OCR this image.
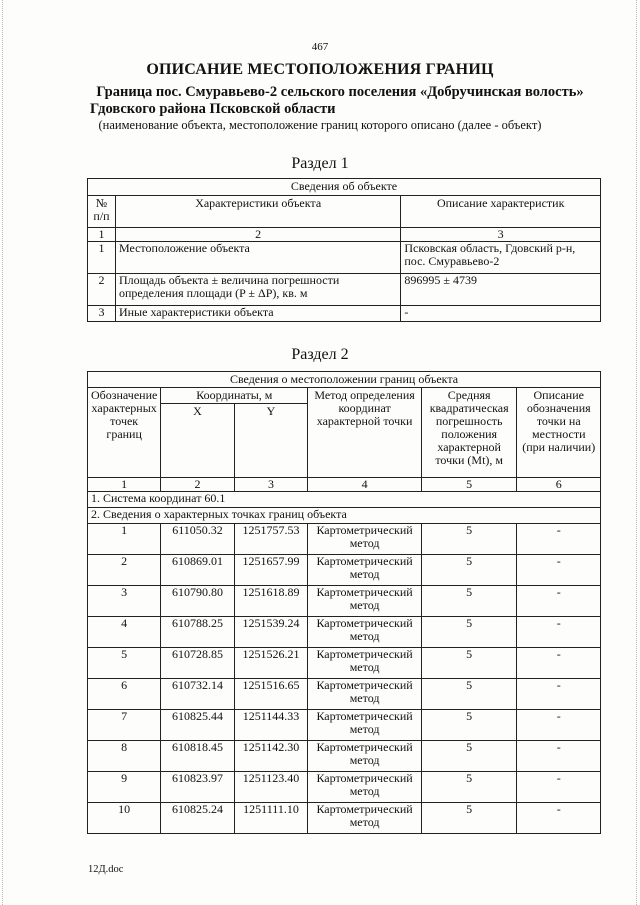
467
ОПИСАНИЕ МЕСТОПОЛОЖЕНИЯ ГРАНИЦ
Граница пос. Смуравьево-2 сельского поселения «Добручинская волость»
Гдовского района Псковской области
(наименование объекта, местоположение границ которого описано (далее - объект)
Раздел 1
Сведения об объекте		
№ п/п	Характеристики объекта	Описание характеристик
1	2	3
1	Местоположение объекта	Псковская область, Гдовский р-н, пос. Смуравьево-2
2	Площадь объекта ± величина погрешности определения площади (P ± ΔP), кв. м	896995 ± 4739
3	Иные характеристики объекта	-
Раздел 2
Сведения о местоположении границ объекта					
Обозначение характерных точек границ	Координаты, м		Метод определения координат характерной точки	Средняя квадратическая погрешность положения характерной точки (Mt), м	Описание обозначения точки на местности (при наличии)
	X	Y			
1	2	3	4	5	6
1. Система координат 60.1					
2. Сведения о характерных точках границ объекта					
1	611050.32	1251757.53	Картометрический метод	5	-
2	610869.01	1251657.99	Картометрический метод	5	-
3	610790.80	1251618.89	Картометрический метод	5	-
4	610788.25	1251539.24	Картометрический метод	5	-
5	610728.85	1251526.21	Картометрический метод	5	-
6	610732.14	1251516.65	Картометрический метод	5	-
7	610825.44	1251144.33	Картометрический метод	5	-
8	610818.45	1251142.30	Картометрический метод	5	-
9	610823.97	1251123.40	Картометрический метод	5	-
10	610825.24	1251111.10	Картометрический метод	5	-
12Д.doc
